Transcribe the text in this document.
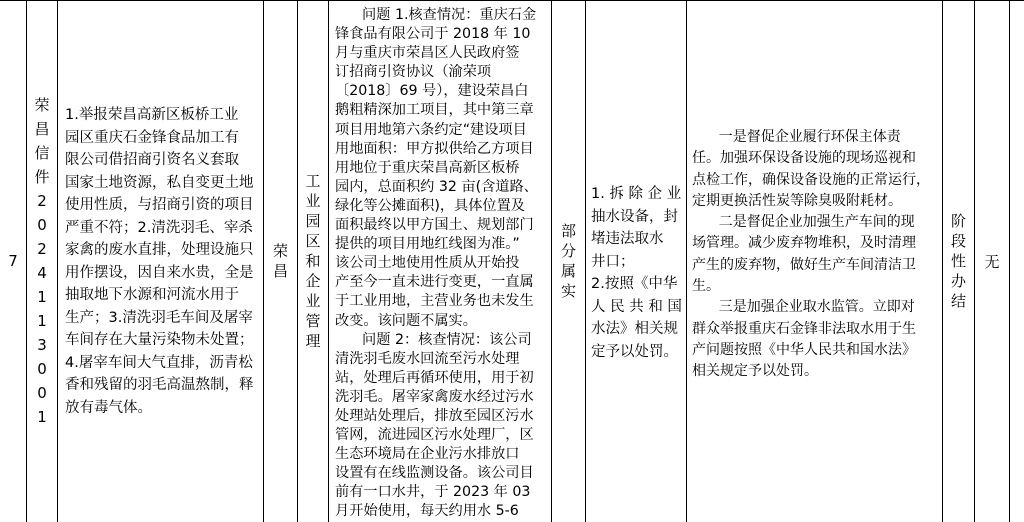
7
荣
昌
信
件
2
0
2
4
1
1
3
0
0
1
1.举报荣昌高新区板桥工业
园区重庆石金锋食品加工有
限公司借招商引资名义套取
国家土地资源，私自变更土地
使用性质，与招商引资的项目
严重不符；2.清洗羽毛、宰杀
家禽的废水直排，处理设施只
用作摆设，因自来水贵，全是
抽取地下水源和河流水用于
生产；3.清洗羽毛车间及屠宰
车间存在大量污染物未处置；
4.屠宰车间大气直排，沥青松
香和残留的羽毛高温熬制，释
放有毒气体。
荣
昌
工
业
园
区
和
企
业
管
理
问题 1.核查情况：重庆石金
锋食品有限公司于 2018 年 10
月与重庆市荣昌区人民政府签
订招商引资协议（渝荣项
〔2018〕69 号），建设荣昌白
鹅粗精深加工项目，其中第三章
项目用地第六条约定“建设项目
用地面积：甲方拟供给乙方项目
用地位于重庆荣昌高新区板桥
园内，总面积约 32 亩(含道路、
绿化等公摊面积)，具体位置及
面积最终以甲方国土、规划部门
提供的项目用地红线图为准。”
该公司土地使用性质从开始投
产至今一直未进行变更，一直属
于工业用地，主营业务也未发生
改变。该问题不属实。
问题 2：核查情况：该公司
清洗羽毛废水回流至污水处理
站，处理后再循环使用，用于初
洗羽毛。屠宰家禽废水经过污水
处理站处理后，排放至园区污水
管网，流进园区污水处理厂，区
生态环境局在企业污水排放口
设置有在线监测设备。该公司目
前有一口水井，于 2023 年 03
月开始使用，每天约用水 5-6
部
分
属
实
1. 拆 除 企 业
抽水设备，封
堵违法取水
井口；
2.按照《中华
人 民 共 和 国
水法》相关规
定予以处罚。
一是督促企业履行环保主体责
任。加强环保设备设施的现场巡视和
点检工作，确保设备设施的正常运行，
定期更换活性炭等除臭吸附耗材。
二是督促企业加强生产车间的现
场管理。减少废弃物堆积，及时清理
产生的废弃物，做好生产车间清洁卫
生。
三是加强企业取水监管。立即对
群众举报重庆石金锋非法取水用于生
产问题按照《中华人民共和国水法》
相关规定予以处罚。
阶
段
性
办
结
无
